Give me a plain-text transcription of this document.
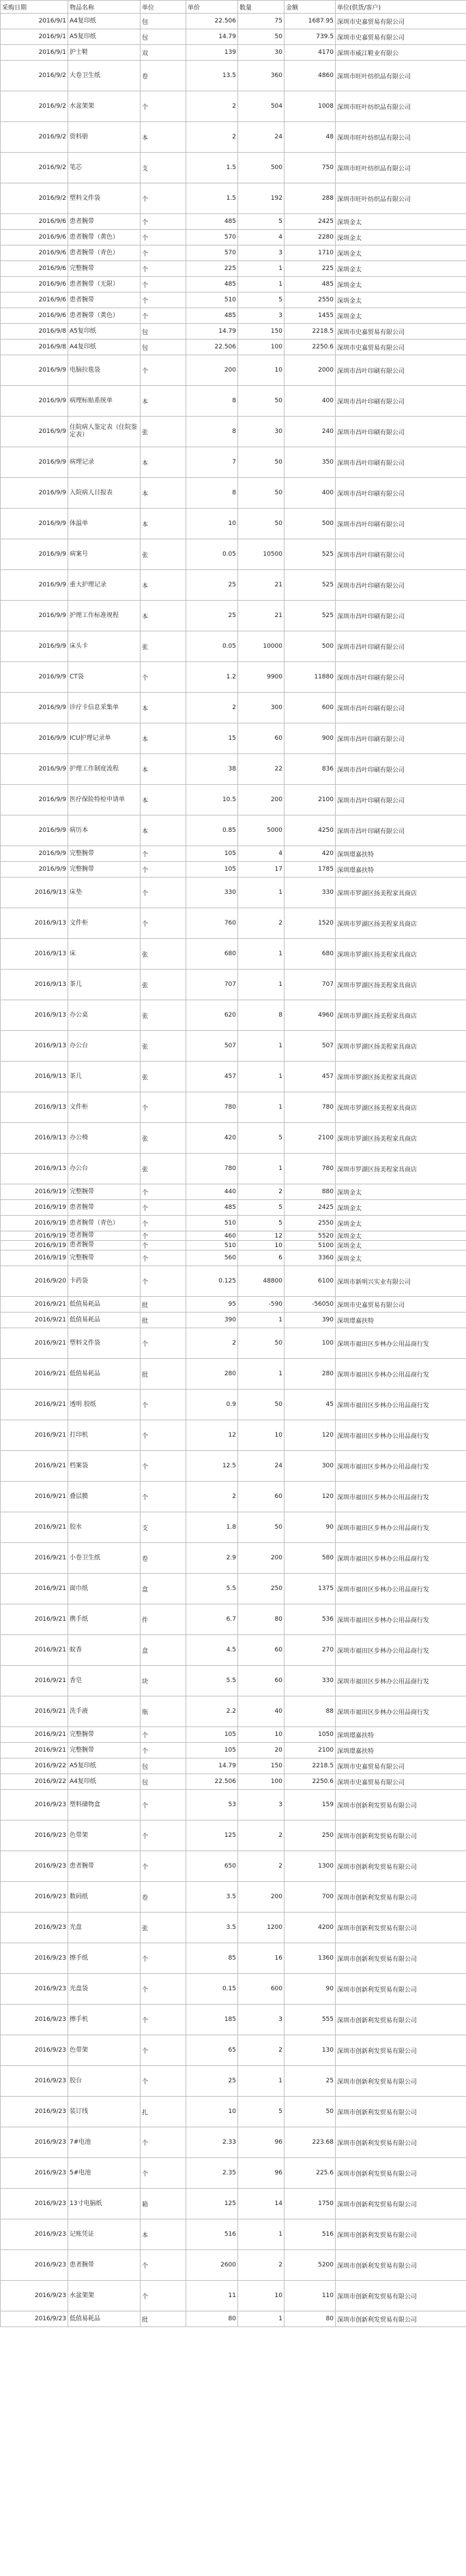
采购日期	物品名称	单位	单价	数量	金额	单位(供货/客户)
2016/9/1	A4复印纸	包	22.506	75	1687.95	深圳市史嘉贸易有限公司
2016/9/1	A5复印纸	包	14.79	50	739.5	深圳市史嘉贸易有限公司
2016/9/1	护士鞋	双	139	30	4170	深圳市威江鞋业有限公
2016/9/2	大卷卫生纸	卷	13.5	360	4860	深圳市旺叶纺织品有限公司
2016/9/2	水盆架架	个	2	504	1008	深圳市旺叶纺织品有限公司
2016/9/2	资料册	本	2	24	48	深圳市旺叶纺织品有限公司
2016/9/2	笔芯	支	1.5	500	750	深圳市旺叶纺织品有限公司
2016/9/2	塑料文件袋	个	1.5	192	288	深圳市旺叶纺织品有限公司
2016/9/6	患者腕带	个	485	5	2425	深圳金太
2016/9/6	患者腕带（黄色）	个	570	4	2280	深圳金太
2016/9/6	患者腕带（青色）	个	570	3	1710	深圳金太
2016/9/6	完整腕带	个	225	1	225	深圳金太
2016/9/6	患者腕带（无限）	个	485	1	485	深圳金太
2016/9/6	患者腕带	个	510	5	2550	深圳金太
2016/9/6	患者腕带（黄色）	个	485	3	1455	深圳金太
2016/9/8	A5复印纸	包	14.79	150	2218.5	深圳市史嘉贸易有限公司
2016/9/8	A4复印纸	包	22.506	100	2250.6	深圳市史嘉贸易有限公司
2016/9/9	电脑拉毯袋	个	200	10	2000	深圳市昌叶印刷有限公司
2016/9/9	病理标贴系统单	本	8	50	400	深圳市昌叶印刷有限公司
2016/9/9	住院病人鉴定表（住院鉴定表）	张	8	30	240	深圳市昌叶印刷有限公司
2016/9/9	病理记录	本	7	50	350	深圳市昌叶印刷有限公司
2016/9/9	入院病人日报表	本	8	50	400	深圳市昌叶印刷有限公司
2016/9/9	体温单	本	10	50	500	深圳市昌叶印刷有限公司
2016/9/9	病案号	张	0.05	10500	525	深圳市昌叶印刷有限公司
2016/9/9	重大护理记录	本	25	21	525	深圳市昌叶印刷有限公司
2016/9/9	护理工作标准规程	本	25	21	525	深圳市昌叶印刷有限公司
2016/9/9	床头卡	张	0.05	10000	500	深圳市昌叶印刷有限公司
2016/9/9	CT袋	个	1.2	9900	11880	深圳市昌叶印刷有限公司
2016/9/9	诊疗卡信息采集单	本	2	300	600	深圳市昌叶印刷有限公司
2016/9/9	ICU护理记录单	本	15	60	900	深圳市昌叶印刷有限公司
2016/9/9	护理工作制度流程	本	38	22	836	深圳市昌叶印刷有限公司
2016/9/9	医疗保险特检申请单	本	10.5	200	2100	深圳市昌叶印刷有限公司
2016/9/9	病历本	本	0.85	5000	4250	深圳市昌叶印刷有限公司
2016/9/9	完整腕带	个	105	4	420	深圳璟嘉扶特
2016/9/9	完整腕带	个	105	17	1785	深圳璟嘉扶特
2016/9/13	床垫	个	330	1	330	深圳市罗湖区扬美程家具商店
2016/9/13	文件柜	个	760	2	1520	深圳市罗湖区扬美程家具商店
2016/9/13	床	张	680	1	680	深圳市罗湖区扬美程家具商店
2016/9/13	茶几	张	707	1	707	深圳市罗湖区扬美程家具商店
2016/9/13	办公桌	张	620	8	4960	深圳市罗湖区扬美程家具商店
2016/9/13	办公台	张	507	1	507	深圳市罗湖区扬美程家具商店
2016/9/13	茶几	张	457	1	457	深圳市罗湖区扬美程家具商店
2016/9/13	文件柜	个	780	1	780	深圳市罗湖区扬美程家具商店
2016/9/13	办公椅	张	420	5	2100	深圳市罗湖区扬美程家具商店
2016/9/13	办公台	张	780	1	780	深圳市罗湖区扬美程家具商店
2016/9/19	完整腕带	个	440	2	880	深圳金太
2016/9/19	患者腕带	个	485	5	2425	深圳金太
2016/9/19	患者腕带（青色）	个	510	5	2550	深圳金太
2016/9/19	患者腕带	个	460	12	5520	深圳金太
2016/9/19	患者腕带	个	510	10	5100	深圳金太
2016/9/19	完整腕带	个	560	6	3360	深圳金太
2016/9/20	卡药袋	个	0.125	48800	6100	深圳市新明兴实业有限公司
2016/9/21	低值易耗品	批	95	-590	-56050	深圳市史嘉贸易有限公司
2016/9/21	低值易耗品	批	390	1	390	深圳璟嘉扶特
2016/9/21	塑料文件袋	个	2	50	100	深圳市福田区步林办公用品商行发
2016/9/21	低值易耗品	批	280	1	280	深圳市福田区步林办公用品商行发
2016/9/21	透明 胶纸	个	0.9	50	45	深圳市福田区步林办公用品商行发
2016/9/21	打印机	个	12	10	120	深圳市福田区步林办公用品商行发
2016/9/21	档案袋	个	12.5	24	300	深圳市福田区步林办公用品商行发
2016/9/21	叠层膜	个	2	60	120	深圳市福田区步林办公用品商行发
2016/9/21	胶水	支	1.8	50	90	深圳市福田区步林办公用品商行发
2016/9/21	小卷卫生纸	卷	2.9	200	580	深圳市福田区步林办公用品商行发
2016/9/21	面巾纸	盒	5.5	250	1375	深圳市福田区步林办公用品商行发
2016/9/21	携手纸	件	6.7	80	536	深圳市福田区步林办公用品商行发
2016/9/21	蚊香	盒	4.5	60	270	深圳市福田区步林办公用品商行发
2016/9/21	香皂	块	5.5	60	330	深圳市福田区步林办公用品商行发
2016/9/21	洗手液	瓶	2.2	40	88	深圳市福田区步林办公用品商行发
2016/9/21	完整腕带	个	105	10	1050	深圳璟嘉扶特
2016/9/21	完整腕带	个	105	20	2100	深圳璟嘉扶特
2016/9/22	A5复印纸	包	14.79	150	2218.5	深圳市史嘉贸易有限公司
2016/9/22	A4复印纸	包	22.506	100	2250.6	深圳市史嘉贸易有限公司
2016/9/23	塑料储物盒	个	53	3	159	深圳市创新利发贸易有限公司
2016/9/23	色带架	个	125	2	250	深圳市创新利发贸易有限公司
2016/9/23	患者腕带	个	650	2	1300	深圳市创新利发贸易有限公司
2016/9/23	数码纸	卷	3.5	200	700	深圳市创新利发贸易有限公司
2016/9/23	光盘	张	3.5	1200	4200	深圳市创新利发贸易有限公司
2016/9/23	擦手纸	个	85	16	1360	深圳市创新利发贸易有限公司
2016/9/23	光盘袋	个	0.15	600	90	深圳市创新利发贸易有限公司
2016/9/23	擦手机	个	185	3	555	深圳市创新利发贸易有限公司
2016/9/23	色带架	个	65	2	130	深圳市创新利发贸易有限公司
2016/9/23	胶台	个	25	1	25	深圳市创新利发贸易有限公司
2016/9/23	装订线	扎	10	5	50	深圳市创新利发贸易有限公司
2016/9/23	7#电池	个	2.33	96	223.68	深圳市创新利发贸易有限公司
2016/9/23	5#电池	个	2.35	96	225.6	深圳市创新利发贸易有限公司
2016/9/23	13寸电脑纸	箱	125	14	1750	深圳市创新利发贸易有限公司
2016/9/23	记账凭证	本	516	1	516	深圳市创新利发贸易有限公司
2016/9/23	患者腕带	个	2600	2	5200	深圳市创新利发贸易有限公司
2016/9/23	水盆架架	个	11	10	110	深圳市创新利发贸易有限公司
2016/9/23	低值易耗品	批	80	1	80	深圳市创新利发贸易有限公司
